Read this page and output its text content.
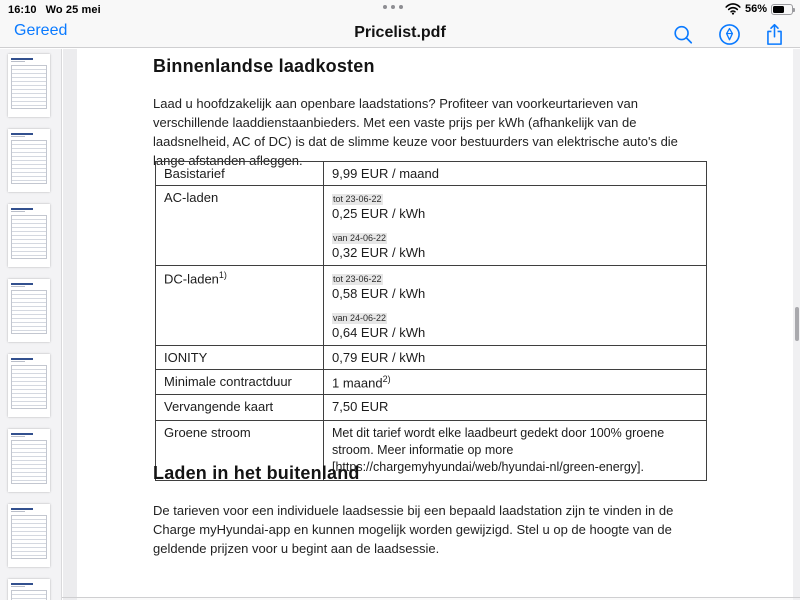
16:10 Wo 25 mei	56%
Gereed	Pricelist.pdf
Binnenlandse laadkosten

Laad u hoofdzakelijk aan openbare laadstations? Profiteer van voorkeurtarieven van verschillende laaddienstaanbieders. Met een vaste prijs per kWh (afhankelijk van de laadsnelheid, AC of DC) is dat de slimme keuze voor bestuurders van elektrische auto's die lange afstanden afleggen.

Basistarief	9,99 EUR / maand
AC-laden	tot 23-06-22
0,25 EUR / kWh
van 24-06-22
0,32 EUR / kWh

DC-laden$^{1)}$	tot 23-06-22
0,58 EUR / kWh
van 24-06-22
0,64 EUR / kWh

IONITY	0,79 EUR / kWh
Minimale contractduur	1 maand$^{2)}$
Vervangende kaart	7,50 EUR
Groene stroom	Met dit tarief wordt elke laadbeurt gedekt door 100% groene stroom. Meer informatie op more [https://chargemyhyundai/web/hyundai-nl/green-energy].
Laden in het buitenland

De tarieven voor een individuele laadsessie bij een bepaald laadstation zijn te vinden in de Charge myHyundai-app en kunnen mogelijk worden gewijzigd. Stel u op de hoogte van de geldende prijzen voor u begint aan de laadsessie.
